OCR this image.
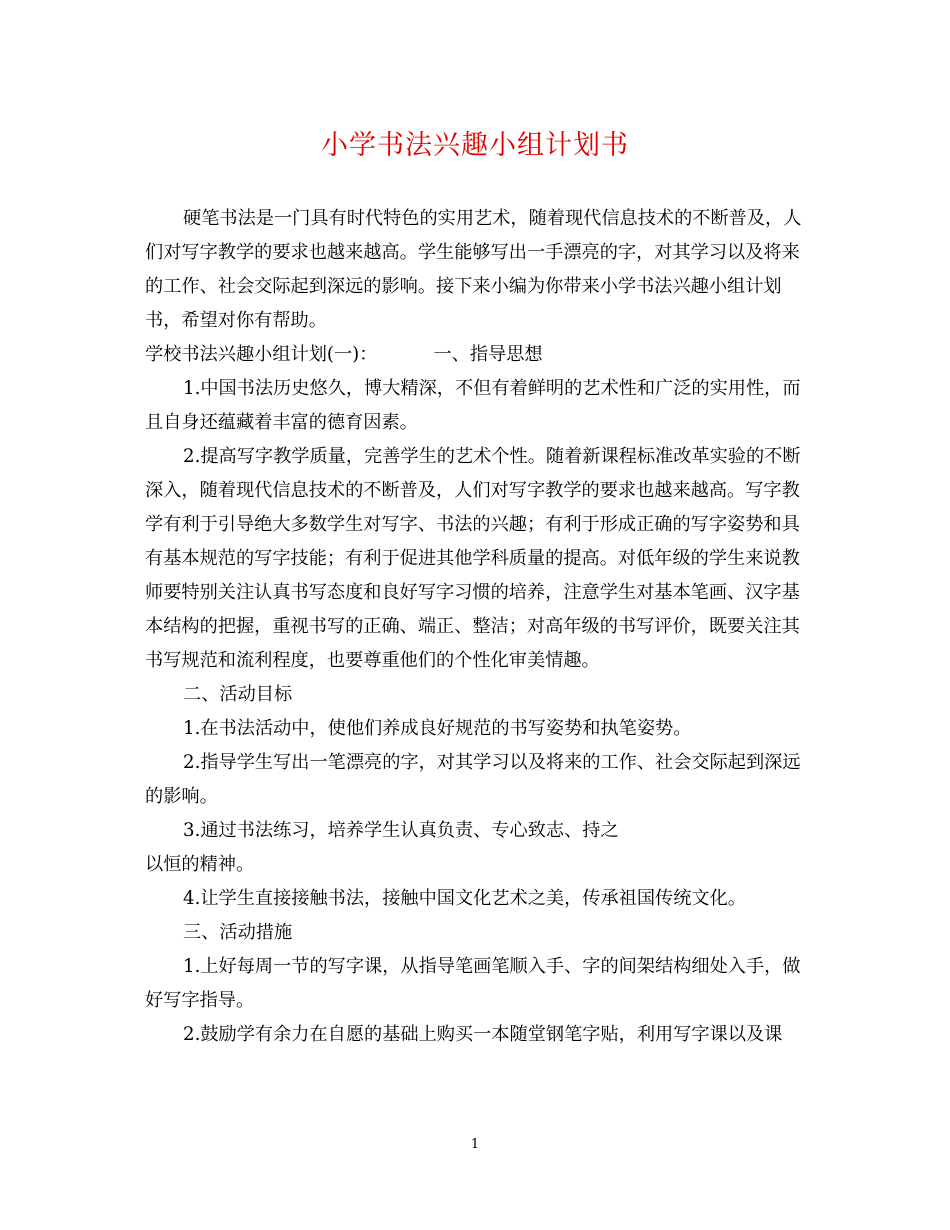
小学书法兴趣小组计划书

硬笔书法是一门具有时代特色的实用艺术，随着现代信息技术的不断普及，人们对写字教学的要求也越来越高。学生能够写出一手漂亮的字，对其学习以及将来的工作、社会交际起到深远的影响。接下来小编为你带来小学书法兴趣小组计划书，希望对你有帮助。

学校书法兴趣小组计划(一)：	一、指导思想

1.中国书法历史悠久，博大精深，不但有着鲜明的艺术性和广泛的实用性，而且自身还蕴藏着丰富的德育因素。

2.提高写字教学质量，完善学生的艺术个性。随着新课程标准改革实验的不断深入，随着现代信息技术的不断普及，人们对写字教学的要求也越来越高。写字教学有利于引导绝大多数学生对写字、书法的兴趣；有利于形成正确的写字姿势和具有基本规范的写字技能；有利于促进其他学科质量的提高。对低年级的学生来说教师要特别关注认真书写态度和良好写字习惯的培养，注意学生对基本笔画、汉字基本结构的把握，重视书写的正确、端正、整洁；对高年级的书写评价，既要关注其书写规范和流利程度，也要尊重他们的个性化审美情趣。

二、活动目标

1.在书法活动中，使他们养成良好规范的书写姿势和执笔姿势。

2.指导学生写出一笔漂亮的字，对其学习以及将来的工作、社会交际起到深远的影响。

3.通过书法练习，培养学生认真负责、专心致志、持之

以恒的精神。

4.让学生直接接触书法，接触中国文化艺术之美，传承祖国传统文化。

三、活动措施

1.上好每周一节的写字课，从指导笔画笔顺入手、字的间架结构细处入手，做好写字指导。

2.鼓励学有余力在自愿的基础上购买一本随堂钢笔字贴，利用写字课以及课

1
